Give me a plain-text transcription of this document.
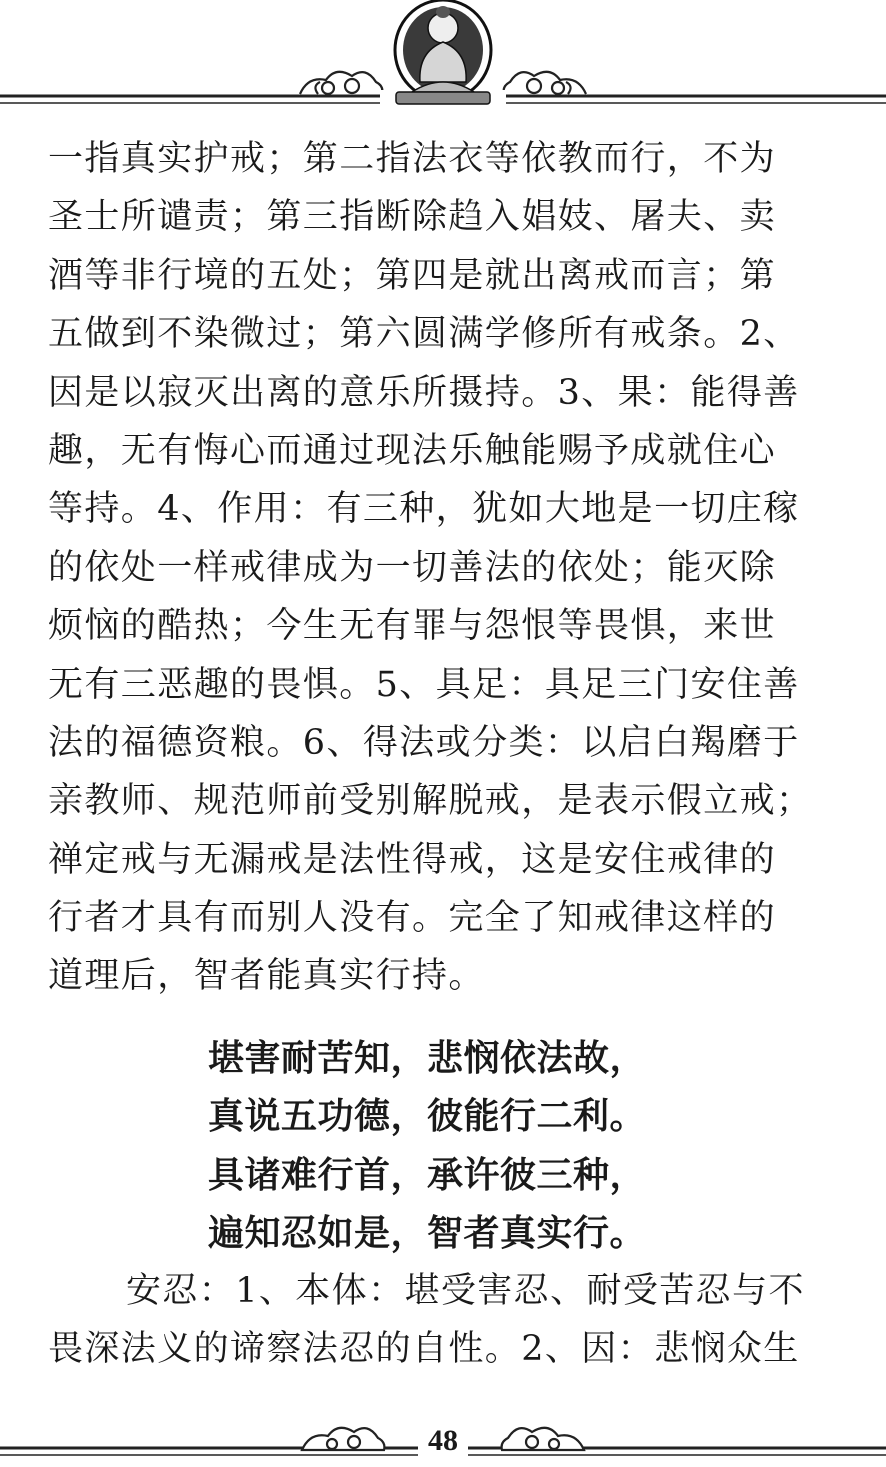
一指真实护戒；第二指法衣等依教而行，不为
圣士所谴责；第三指断除趋入娼妓、屠夫、卖
酒等非行境的五处；第四是就出离戒而言；第
五做到不染微过；第六圆满学修所有戒条。2、
因是以寂灭出离的意乐所摄持。3、果：能得善
趣，无有悔心而通过现法乐触能赐予成就住心
等持。4、作用：有三种，犹如大地是一切庄稼
的依处一样戒律成为一切善法的依处；能灭除
烦恼的酷热；今生无有罪与怨恨等畏惧，来世
无有三恶趣的畏惧。5、具足：具足三门安住善
法的福德资粮。6、得法或分类：以启白羯磨于
亲教师、规范师前受别解脱戒，是表示假立戒；
禅定戒与无漏戒是法性得戒，这是安住戒律的
行者才具有而别人没有。完全了知戒律这样的
道理后，智者能真实行持。
堪害耐苦知，悲悯依法故，
真说五功德，彼能行二利。
具诸难行首，承许彼三种，
遍知忍如是，智者真实行。
安忍：1、本体：堪受害忍、耐受苦忍与不
畏深法义的谛察法忍的自性。2、因：悲悯众生
48
